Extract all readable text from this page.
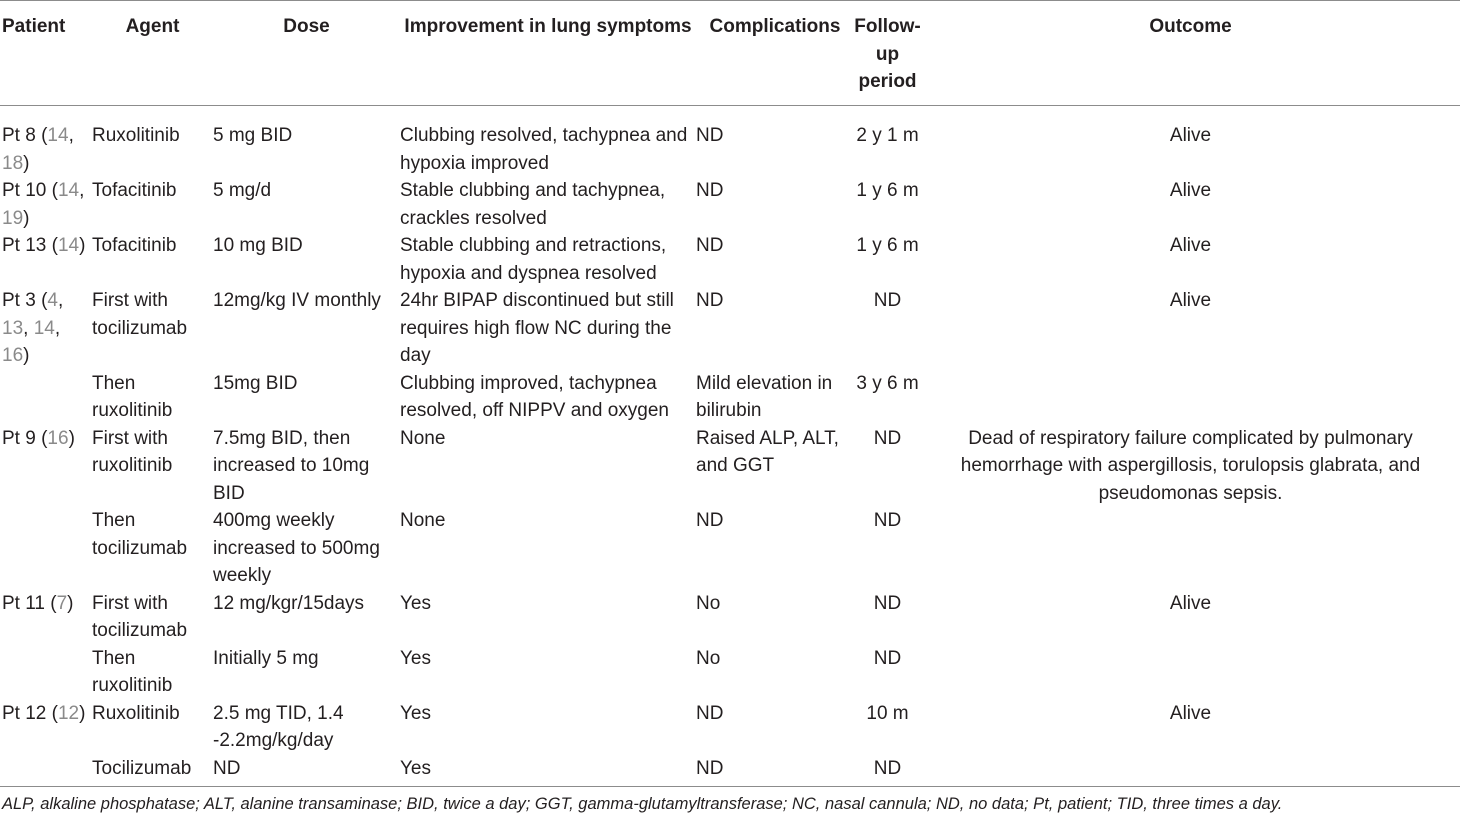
Patient	Agent	Dose	Improvement in lung symptoms	Complications	Follow-up period	Outcome
Pt 8 (14, 18)	Ruxolitinib	5 mg BID	Clubbing resolved, tachypnea and hypoxia improved	ND	2 y 1 m	Alive
Pt 10 (14, 19)	Tofacitinib	5 mg/d	Stable clubbing and tachypnea, crackles resolved	ND	1 y 6 m	Alive
Pt 13 (14)	Tofacitinib	10 mg BID	Stable clubbing and retractions, hypoxia and dyspnea resolved	ND	1 y 6 m	Alive
Pt 3 (4, 13, 14, 16)	First with tocilizumab	12mg/kg IV monthly	24hr BIPAP discontinued but still requires high flow NC during the day	ND	ND	Alive
	Then ruxolitinib	15mg BID	Clubbing improved, tachypnea resolved, off NIPPV and oxygen	Mild elevation in bilirubin	3 y 6 m	
Pt 9 (16)	First with ruxolitinib	7.5mg BID, then increased to 10mg BID	None	Raised ALP, ALT, and GGT	ND	Dead of respiratory failure complicated by pulmonary hemorrhage with aspergillosis, torulopsis glabrata, and pseudomonas sepsis.
	Then tocilizumab	400mg weekly increased to 500mg weekly	None	ND	ND	
Pt 11 (7)	First with tocilizumab	12 mg/kgr/15days	Yes	No	ND	Alive
	Then ruxolitinib	Initially 5 mg	Yes	No	ND	
Pt 12 (12)	Ruxolitinib	2.5 mg TID, 1.4 -2.2mg/kg/day	Yes	ND	10 m	Alive
	Tocilizumab	ND	Yes	ND	ND	
ALP, alkaline phosphatase; ALT, alanine transaminase; BID, twice a day; GGT, gamma-glutamyltransferase; NC, nasal cannula; ND, no data; Pt, patient; TID, three times a day.
